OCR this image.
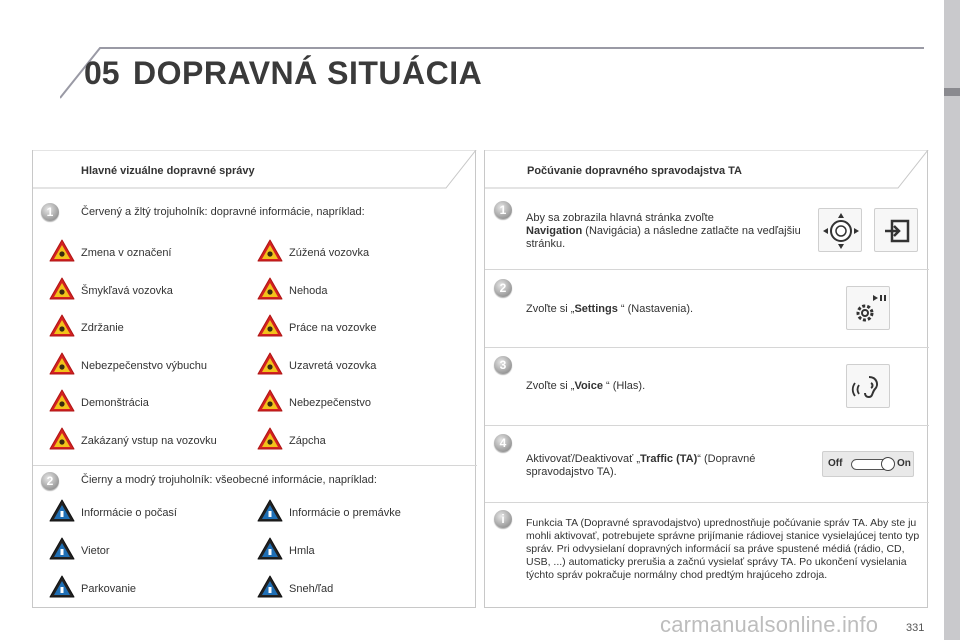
05 DOPRAVNÁ SITUÁCIA
Hlavné vizuálne dopravné správy
1	Červený a žltý trojuholník: dopravné informácie, napríklad:
Zmena v označení	Zúžená vozovka
Šmykľavá vozovka	Nehoda
Zdržanie	Práce na vozovke
Nebezpečenstvo výbuchu	Uzavretá vozovka
Demonštrácia	Nebezpečenstvo
Zakázaný vstup na vozovku	Zápcha
2	Čierny a modrý trojuholník: všeobecné informácie, napríklad:
Informácie o počasí	Informácie o premávke
Vietor	Hmla
Parkovanie	Sneh/ľad
Počúvanie dopravného spravodajstva TA
1
Aby sa zobrazila hlavná stránka zvoľte
Navigation (Navigácia) a následne zatlačte na vedľajšiu stránku.
2
Zvoľte si „Settings “ (Nastavenia).
3
Zvoľte si „Voice “ (Hlas).
4
Aktivovať/Deaktivovať „Traffic (TA)“ (Dopravné spravodajstvo TA).
Off	On
i	Funkcia TA (Dopravné spravodajstvo) uprednostňuje počúvanie správ TA. Aby ste ju mohli aktivovať, potrebujete správne prijímanie rádiovej stanice vysielajúcej tento typ správ. Pri odvysielaní dopravných informácií sa práve spustené médiá (rádio, CD, USB, ...) automaticky prerušia a začnú vysielať správy TA. Po ukončení vysielania týchto správ pokračuje normálny chod predtým hrajúceho zdroja.
carmanualsonline.info	331
